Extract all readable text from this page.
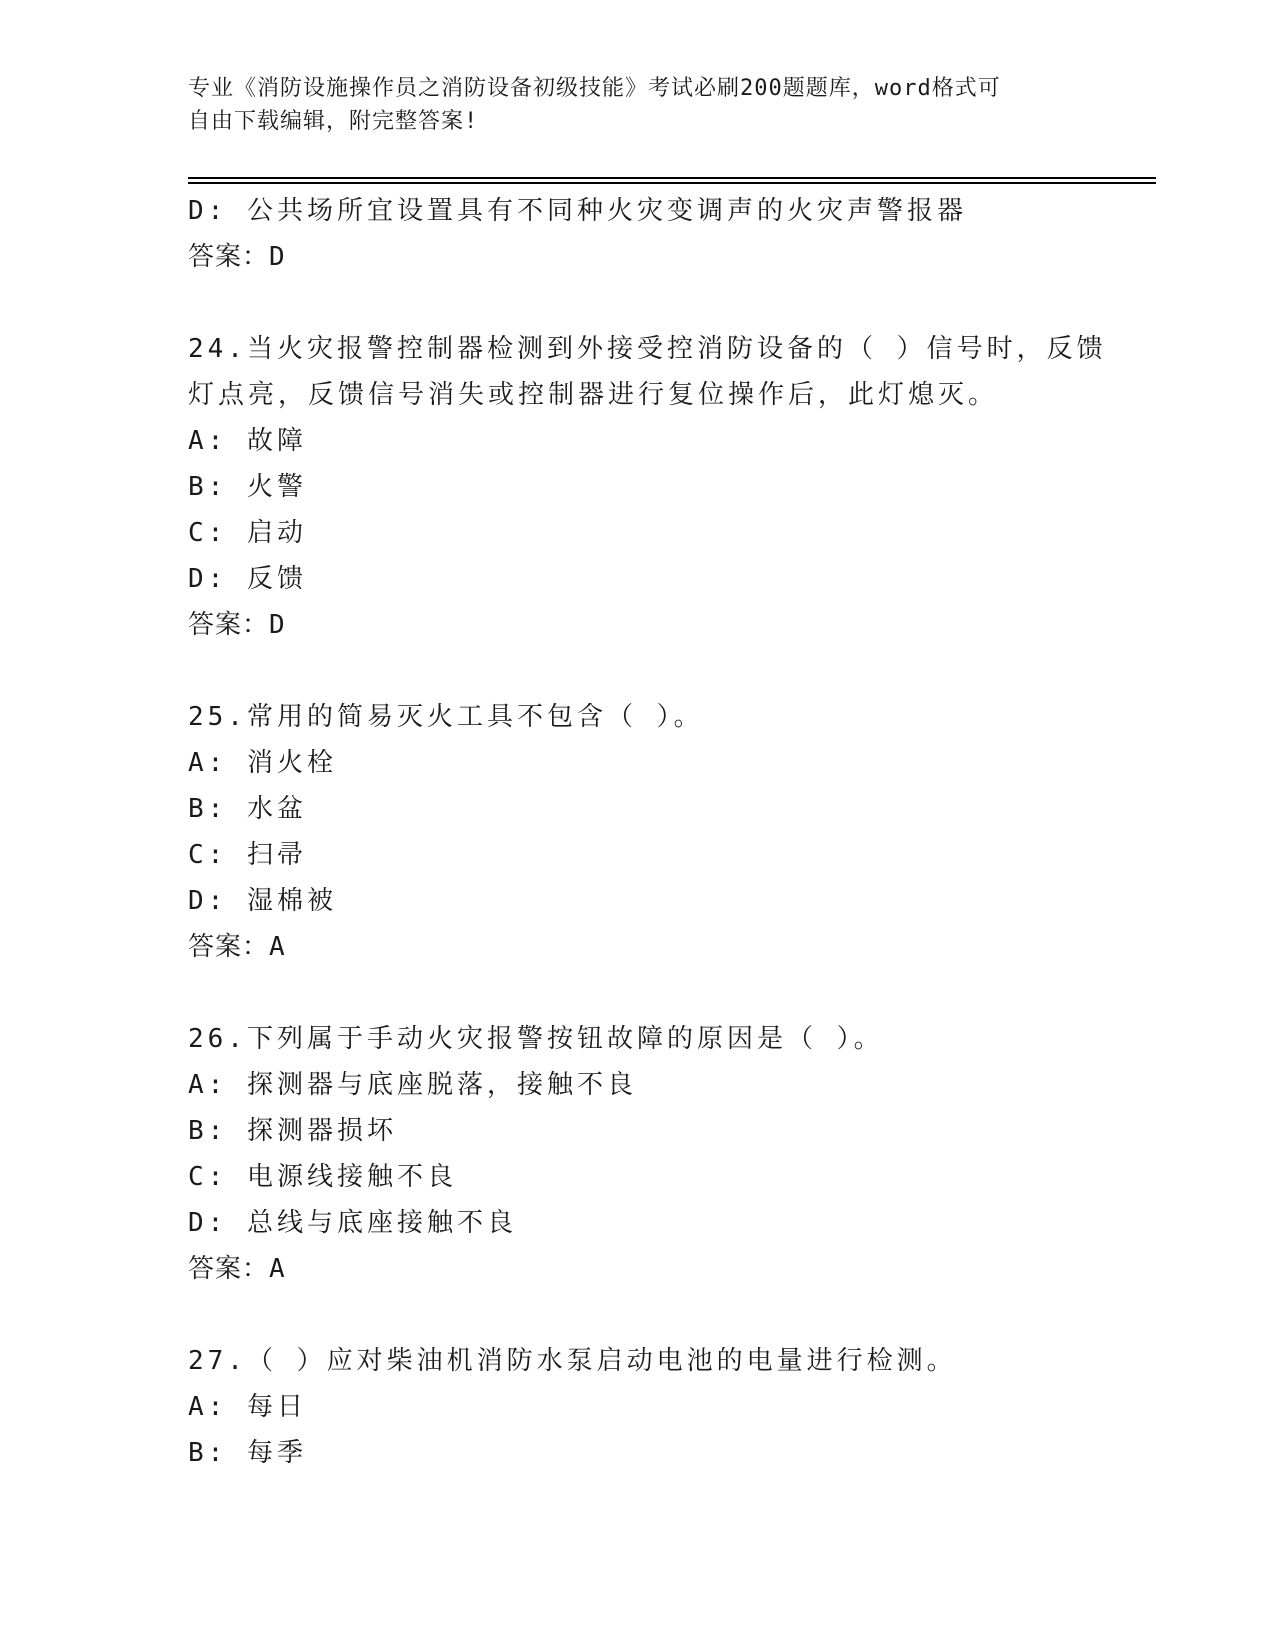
专业《消防设施操作员之消防设备初级技能》考试必刷200题题库，word格式可
自由下载编辑，附完整答案!
D: 公共场所宜设置具有不同种火灾变调声的火灾声警报器
答案：D
24.当火灾报警控制器检测到外接受控消防设备的（ ）信号时，反馈
灯点亮，反馈信号消失或控制器进行复位操作后，此灯熄灭。
A: 故障
B: 火警
C: 启动
D: 反馈
答案：D
25.常用的简易灭火工具不包含（ ）。
A: 消火栓
B: 水盆
C: 扫帚
D: 湿棉被
答案：A
26.下列属于手动火灾报警按钮故障的原因是（ ）。
A: 探测器与底座脱落，接触不良
B: 探测器损坏
C: 电源线接触不良
D: 总线与底座接触不良
答案：A
27.（ ）应对柴油机消防水泵启动电池的电量进行检测。
A: 每日
B: 每季
